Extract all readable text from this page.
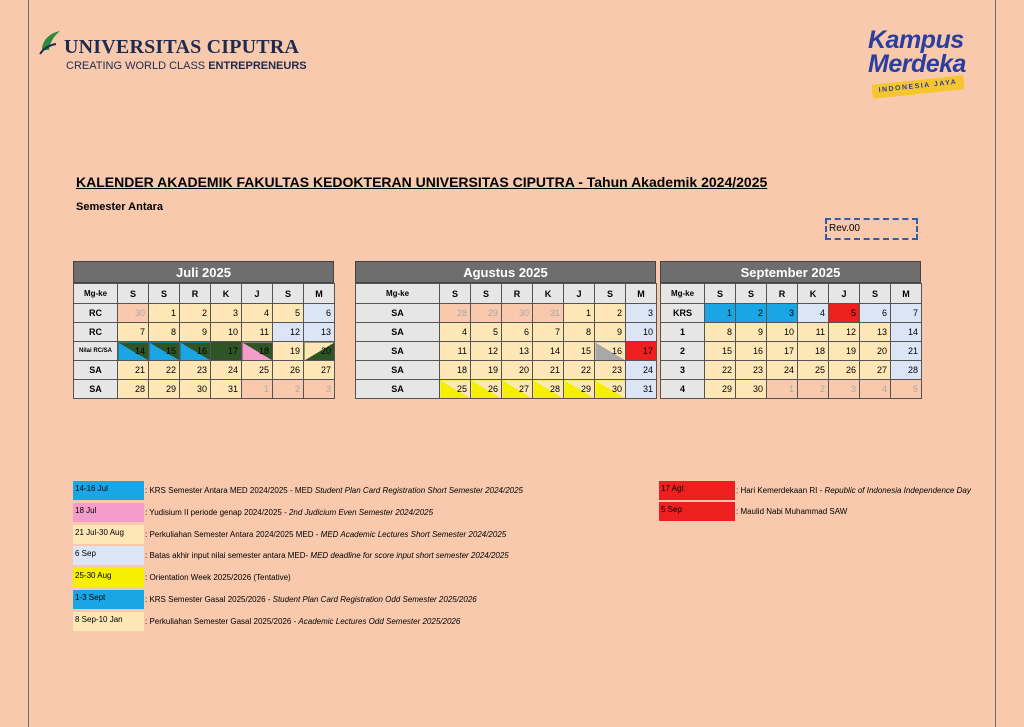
UNIVERSITAS CIPUTRA
CREATING WORLD CLASS ENTREPRENEURS
Kampus
Merdeka
INDONESIA JAYA
KALENDER AKADEMIK FAKULTAS KEDOKTERAN UNIVERSITAS CIPUTRA - Tahun Akademik 2024/2025
Semester Antara
Rev.00
Juli 2025
Mg-ke	S	S	R	K	J	S	M
RC	30	1	2	3	4	5	6
RC	7	8	9	10	11	12	13
Nilai RC/SA	14	15	16	17	18	19	20
SA	21	22	23	24	25	26	27
SA	28	29	30	31	1	2	3
Agustus 2025
Mg-ke	S	S	R	K	J	S	M
SA	28	29	30	31	1	2	3
SA	4	5	6	7	8	9	10
SA	11	12	13	14	15	16	17
SA	18	19	20	21	22	23	24
SA	25	26	27	28	29	30	31
September 2025
Mg-ke	S	S	R	K	J	S	M
KRS	1	2	3	4	5	6	7
1	8	9	10	11	12	13	14
2	15	16	17	18	19	20	21
3	22	23	24	25	26	27	28
4	29	30	1	2	3	4	5
14-16 Jul	: KRS Semester Antara MED 2024/2025 - MED Student Plan Card Registration Short Semester 2024/2025
18 Jul	: Yudisium II periode genap 2024/2025 - 2nd Judicium Even Semester 2024/2025
21 Jul-30 Aug	: Perkuliahan Semester Antara 2024/2025 MED - MED Academic Lectures Short Semester 2024/2025
6 Sep	: Batas akhir input nilai semester antara MED- MED deadline for score input short semester 2024/2025
25-30 Aug	: Orientation Week 2025/2026 (Tentative)
1-3 Sept	: KRS Semester Gasal 2025/2026 - Student Plan Card Registration Odd Semester 2025/2026
8 Sep-10 Jan	: Perkuliahan Semester Gasal 2025/2026 - Academic Lectures Odd Semester 2025/2026
17 Agt	: Hari Kemerdekaan RI - Republic of Indonesia Independence Day
5 Sep	: Maulid Nabi Muhammad SAW
